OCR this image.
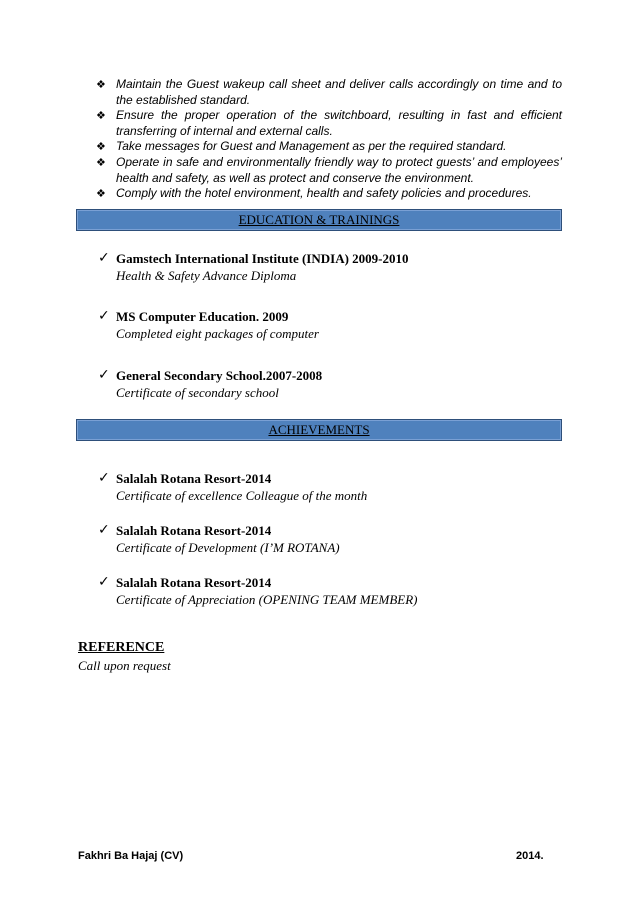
❖ Maintain the Guest wakeup call sheet and deliver calls accordingly on time and to the established standard.
❖ Ensure the proper operation of the switchboard, resulting in fast and efficient transferring of internal and external calls.
❖ Take messages for Guest and Management as per the required standard.
❖ Operate in safe and environmentally friendly way to protect guests’ and employees’ health and safety, as well as protect and conserve the environment.
❖ Comply with the hotel environment, health and safety policies and procedures.
EDUCATION & TRAININGS
✓ Gamstech International Institute (INDIA) 2009-2010
Health & Safety Advance Diploma
✓ MS Computer Education. 2009
Completed eight packages of computer
✓ General Secondary School.2007-2008
Certificate of secondary school
ACHIEVEMENTS
✓ Salalah Rotana Resort-2014
Certificate of excellence Colleague of the month
✓ Salalah Rotana Resort-2014
Certificate of Development (I’M ROTANA)
✓ Salalah Rotana Resort-2014
Certificate of Appreciation (OPENING TEAM MEMBER)
REFERENCE
Call upon request
Fakhri Ba Hajaj (CV)	2014.
